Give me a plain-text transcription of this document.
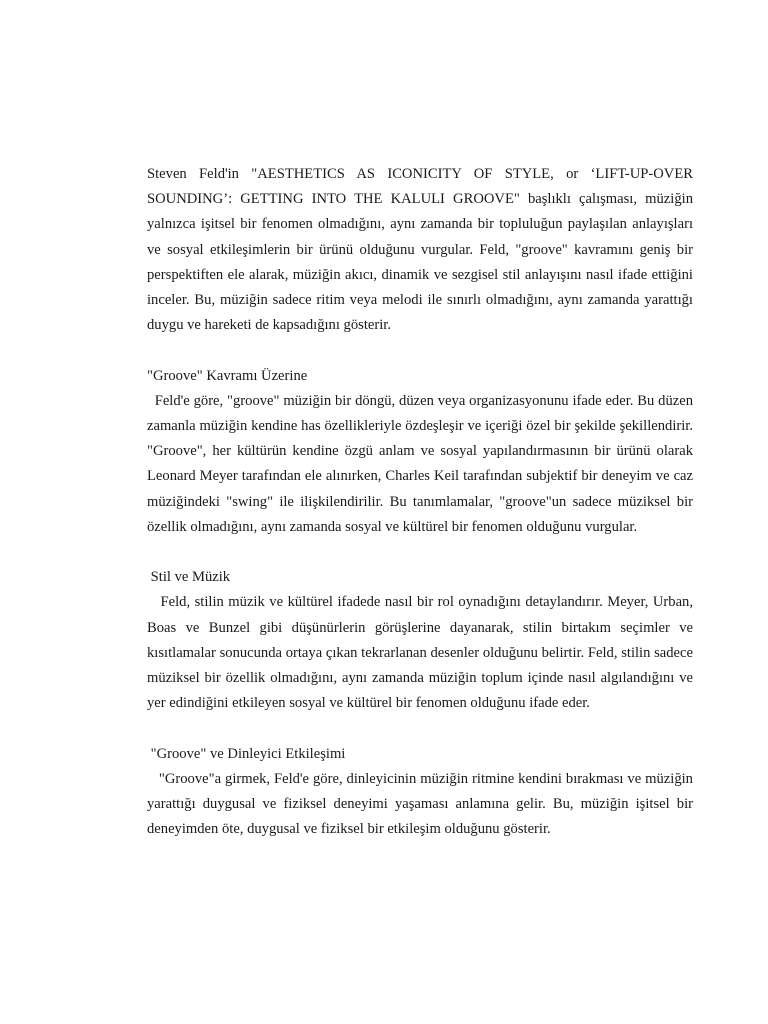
Steven Feld'in "AESTHETICS AS ICONICITY OF STYLE, or ‘LIFT-UP-OVER SOUNDING’: GETTING INTO THE KALULI GROOVE" başlıklı çalışması, müziğin yalnızca işitsel bir fenomen olmadığını, aynı zamanda bir topluluğun paylaşılan anlayışları ve sosyal etkileşimlerin bir ürünü olduğunu vurgular. Feld, "groove" kavramını geniş bir perspektiften ele alarak, müziğin akıcı, dinamik ve sezgisel stil anlayışını nasıl ifade ettiğini inceler. Bu, müziğin sadece ritim veya melodi ile sınırlı olmadığını, aynı zamanda yarattığı duygu ve hareketi de kapsadığını gösterir.

"Groove" Kavramı Üzerine

Feld'e göre, "groove" müziğin bir döngü, düzen veya organizasyonunu ifade eder. Bu düzen zamanla müziğin kendine has özellikleriyle özdeşleşir ve içeriği özel bir şekilde şekillendirir. "Groove", her kültürün kendine özgü anlam ve sosyal yapılandırmasının bir ürünü olarak Leonard Meyer tarafından ele alınırken, Charles Keil tarafından subjektif bir deneyim ve caz müziğindeki "swing" ile ilişkilendirilir. Bu tanımlamalar, "groove"un sadece müziksel bir özellik olmadığını, aynı zamanda sosyal ve kültürel bir fenomen olduğunu vurgular.

Stil ve Müzik

Feld, stilin müzik ve kültürel ifadede nasıl bir rol oynadığını detaylandırır. Meyer, Urban, Boas ve Bunzel gibi düşünürlerin görüşlerine dayanarak, stilin birtakım seçimler ve kısıtlamalar sonucunda ortaya çıkan tekrarlanan desenler olduğunu belirtir. Feld, stilin sadece müziksel bir özellik olmadığını, aynı zamanda müziğin toplum içinde nasıl algılandığını ve yer edindiğini etkileyen sosyal ve kültürel bir fenomen olduğunu ifade eder.

"Groove" ve Dinleyici Etkileşimi

"Groove"a girmek, Feld'e göre, dinleyicinin müziğin ritmine kendini bırakması ve müziğin yarattığı duygusal ve fiziksel deneyimi yaşaması anlamına gelir. Bu, müziğin işitsel bir deneyimden öte, duygusal ve fiziksel bir etkileşim olduğunu gösterir.
